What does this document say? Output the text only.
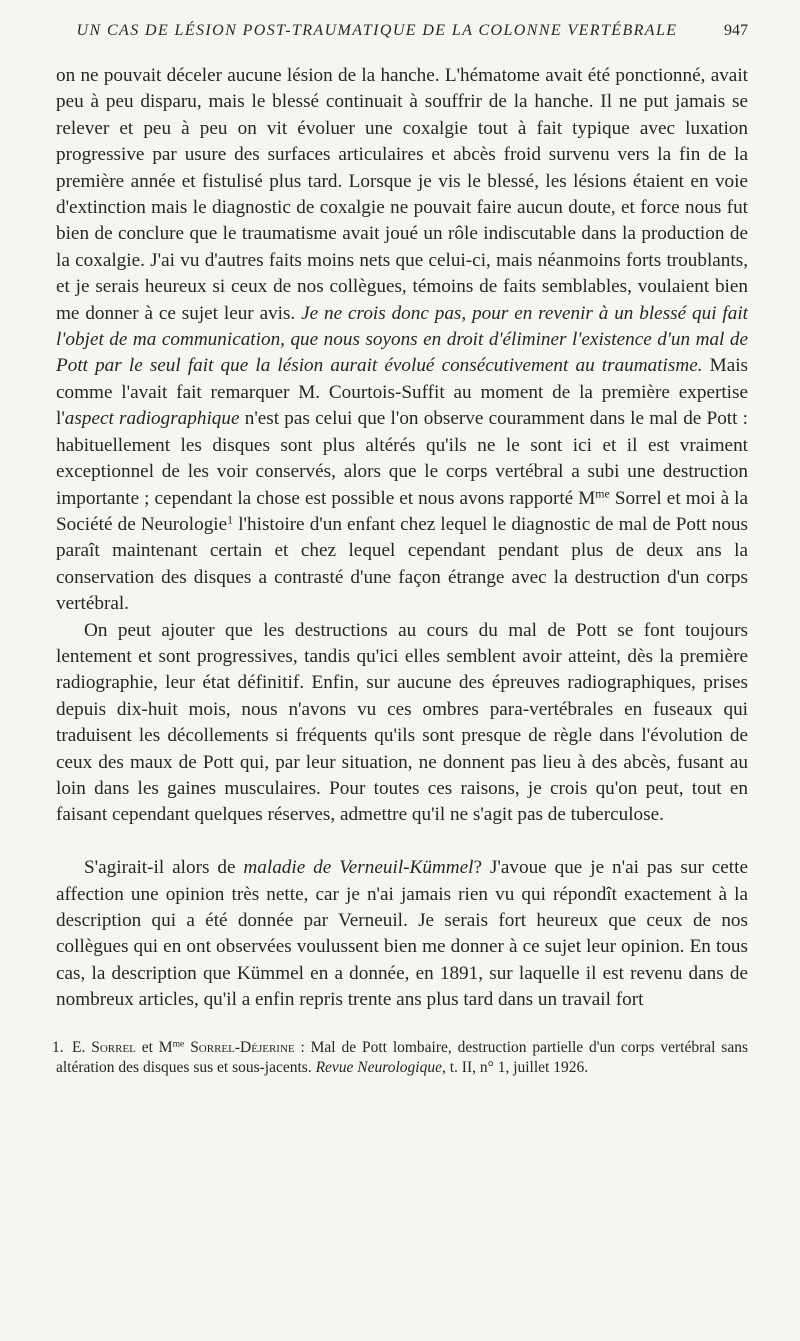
UN CAS DE LÉSION POST-TRAUMATIQUE DE LA COLONNE VERTÉBRALE	947

on ne pouvait déceler aucune lésion de la hanche. L'hématome avait été ponctionné, avait peu à peu disparu, mais le blessé continuait à souffrir de la hanche. Il ne put jamais se relever et peu à peu on vit évoluer une coxalgie tout à fait typique avec luxation progressive par usure des surfaces articulaires et abcès froid survenu vers la fin de la première année et fistulisé plus tard. Lorsque je vis le blessé, les lésions étaient en voie d'extinction mais le diagnostic de coxalgie ne pouvait faire aucun doute, et force nous fut bien de conclure que le traumatisme avait joué un rôle indiscutable dans la production de la coxalgie. J'ai vu d'autres faits moins nets que celui-ci, mais néanmoins forts troublants, et je serais heureux si ceux de nos collègues, témoins de faits semblables, voulaient bien me donner à ce sujet leur avis. Je ne crois donc pas, pour en revenir à un blessé qui fait l'objet de ma communication, que nous soyons en droit d'éliminer l'existence d'un mal de Pott par le seul fait que la lésion aurait évolué consécutivement au traumatisme. Mais comme l'avait fait remarquer M. Courtois-Suffit au moment de la première expertise l'aspect radiographique n'est pas celui que l'on observe couramment dans le mal de Pott : habituellement les disques sont plus altérés qu'ils ne le sont ici et il est vraiment exceptionnel de les voir conservés, alors que le corps vertébral a subi une destruction importante ; cependant la chose est possible et nous avons rapporté $M^{me}$ Sorrel et moi à la Société de Neurologie$^1$ l'histoire d'un enfant chez lequel le diagnostic de mal de Pott nous paraît maintenant certain et chez lequel cependant pendant plus de deux ans la conservation des disques a contrasté d'une façon étrange avec la destruction d'un corps vertébral.

On peut ajouter que les destructions au cours du mal de Pott se font toujours lentement et sont progressives, tandis qu'ici elles semblent avoir atteint, dès la première radiographie, leur état définitif. Enfin, sur aucune des épreuves radiographiques, prises depuis dix-huit mois, nous n'avons vu ces ombres para-vertébrales en fuseaux qui traduisent les décollements si fréquents qu'ils sont presque de règle dans l'évolution de ceux des maux de Pott qui, par leur situation, ne donnent pas lieu à des abcès, fusant au loin dans les gaines musculaires. Pour toutes ces raisons, je crois qu'on peut, tout en faisant cependant quelques réserves, admettre qu'il ne s'agit pas de tuberculose.

S'agirait-il alors de maladie de Verneuil-Kümmel? J'avoue que je n'ai pas sur cette affection une opinion très nette, car je n'ai jamais rien vu qui répondît exactement à la description qui a été donnée par Verneuil. Je serais fort heureux que ceux de nos collègues qui en ont observées voulussent bien me donner à ce sujet leur opinion. En tous cas, la description que Kümmel en a donnée, en 1891, sur laquelle il est revenu dans de nombreux articles, qu'il a enfin repris trente ans plus tard dans un travail fort

1. E. Sorrel et $M^{me}$ Sorrel-Déjerine : Mal de Pott lombaire, destruction partielle d'un corps vertébral sans altération des disques sus et sous-jacents. Revue Neurologique, t. II, n° 1, juillet 1926.
